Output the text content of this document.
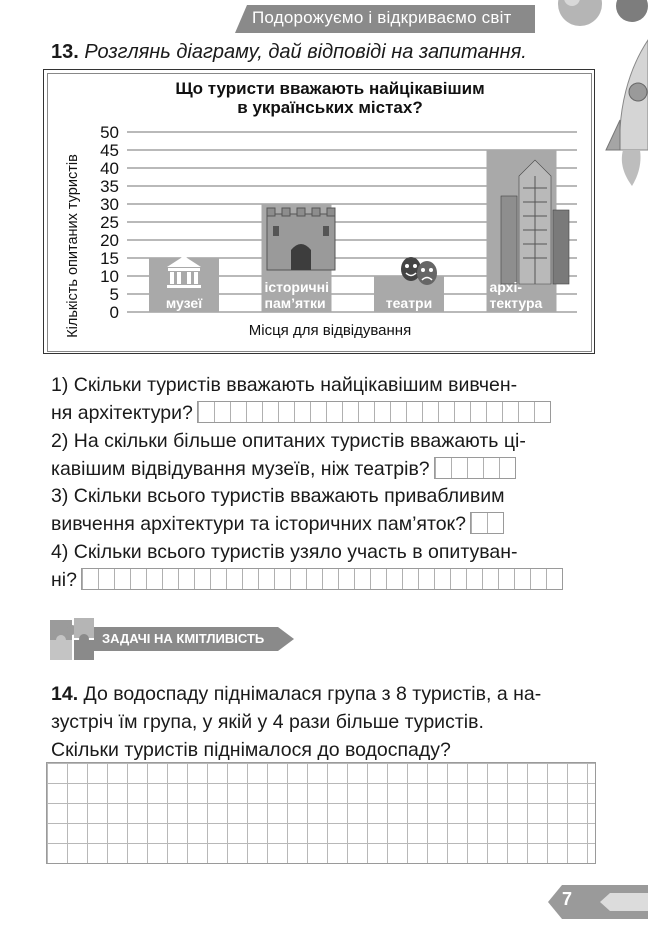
Подорожуємо і відкриваємо світ
13. Розглянь діаграму, дай відповіді на запитання.
Що туристи вважають найцікавішим
в українських містах?
Кількість опитаних туристів	Місця для відвідування
0
5
10
15
20
25
30
35
40
45
50
музеї
історичні
пам’ятки	театри
архі-
тектура
1) Скільки туристів вважають найцікавішим вивчен-
ня архітектури?
2) На скільки більше опитаних туристів вважають ці-
кавішим відвідування музеїв, ніж театрів?
3) Скільки всього туристів вважають привабливим
вивчення архітектури та історичних пам’яток?
4) Скільки всього туристів узяло участь в опитуван-
ні?
ЗАДАЧІ НА КМІТЛИВІСТЬ
14. До водоспаду піднімалася група з 8 туристів, а на-
зустріч їм група, у якій у 4 рази більше туристів.
Скільки туристів піднімалося до водоспаду?
7
